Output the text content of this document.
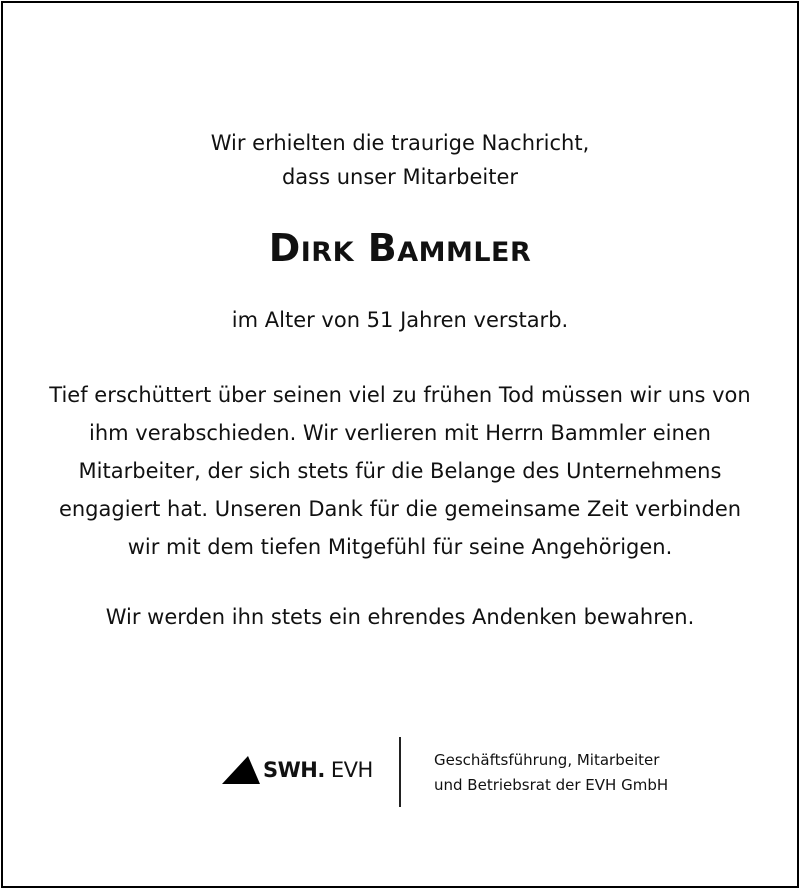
Wir erhielten die traurige Nachricht,
dass unser Mitarbeiter
Dirk Bammler
im Alter von 51 Jahren verstarb.
Tief erschüttert über seinen viel zu frühen Tod müssen wir uns von
ihm verabschieden. Wir verlieren mit Herrn Bammler einen
Mitarbeiter, der sich stets für die Belange des Unternehmens
engagiert hat. Unseren Dank für die gemeinsame Zeit verbinden
wir mit dem tiefen Mitgefühl für seine Angehörigen.
Wir werden ihn stets ein ehrendes Andenken bewahren.
SWH. EVH	Geschäftsführung, Mitarbeiter
und Betriebsrat der EVH GmbH
